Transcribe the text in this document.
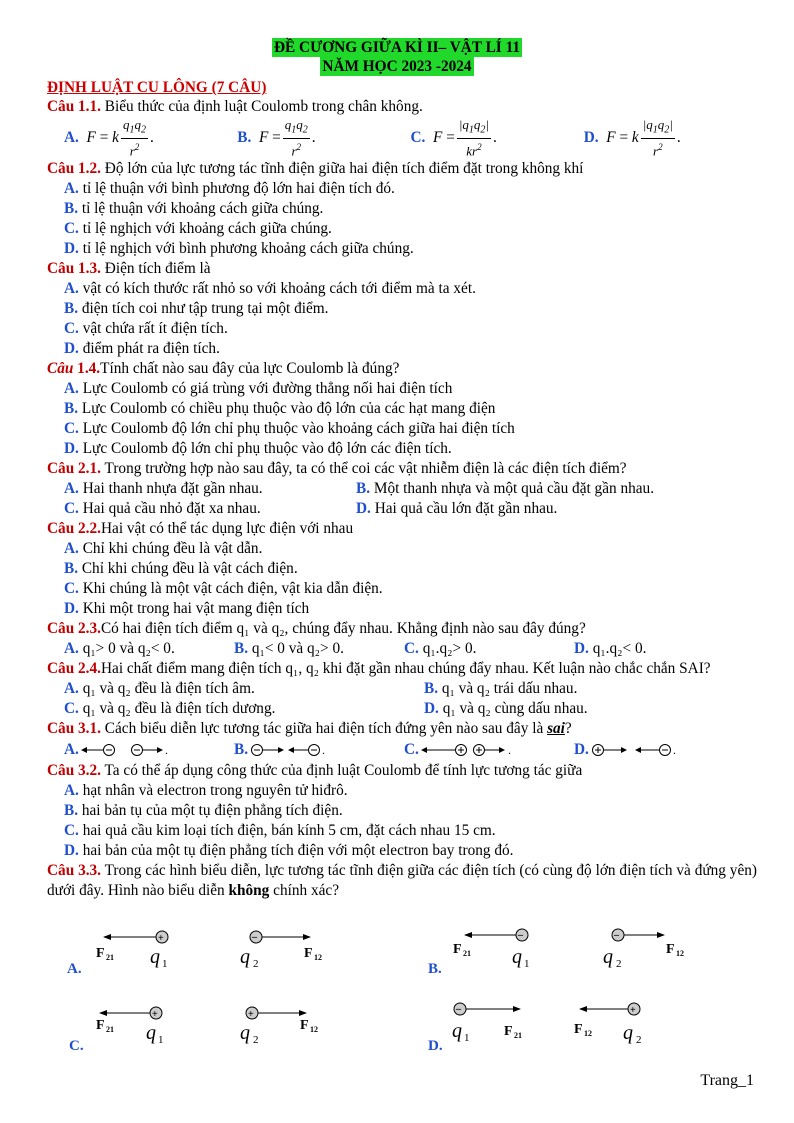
ĐỀ CƯƠNG GIỮA KÌ II– VẬT LÍ 11
NĂM HỌC 2023 -2024
ĐỊNH LUẬT CU LÔNG (7 CÂU)
Câu 1.1. Biểu thức của định luật Coulomb trong chân không.
A.
F = k $\frac{q_1q_2}{r^2}$ .	B.
$F = \frac{q_1q_2}{r^2}$ .	C.
$F = \frac{|q_1q_2|}{kr^2}$ .	D.
F = k $\frac{|q_1q_2|}{r^2}$ .
Câu 1.2. Độ lớn của lực tương tác tĩnh điện giữa hai điện tích điểm đặt trong không khí
A. tỉ lệ thuận với bình phương độ lớn hai điện tích đó.
B. tỉ lệ thuận với khoảng cách giữa chúng.
C. tỉ lệ nghịch với khoảng cách giữa chúng.
D. tỉ lệ nghịch với bình phương khoảng cách giữa chúng.
Câu 1.3. Điện tích điểm là
A. vật có kích thước rất nhỏ so với khoảng cách tới điểm mà ta xét.
B. điện tích coi như tập trung tại một điểm.
C. vật chứa rất ít điện tích.
D. điểm phát ra điện tích.
Câu 1.4.Tính chất nào sau đây của lực Coulomb là đúng?
A. Lực Coulomb có giá trùng với đường thẳng nối hai điện tích
B. Lực Coulomb có chiều phụ thuộc vào độ lớn của các hạt mang điện
C. Lực Coulomb độ lớn chỉ phụ thuộc vào khoảng cách giữa hai điện tích
D. Lực Coulomb độ lớn chỉ phụ thuộc vào độ lớn các điện tích.
Câu 2.1. Trong trường hợp nào sau đây, ta có thể coi các vật nhiễm điện là các điện tích điểm?
A. Hai thanh nhựa đặt gần nhau.	B. Một thanh nhựa và một quả cầu đặt gần nhau.
C. Hai quả cầu nhỏ đặt xa nhau.	D. Hai quả cầu lớn đặt gần nhau.
Câu 2.2.Hai vật có thể tác dụng lực điện với nhau
A. Chỉ khi chúng đều là vật dẫn.
B. Chỉ khi chúng đều là vật cách điện.
C. Khi chúng là một vật cách điện, vật kia dẫn điện.
D. Khi một trong hai vật mang điện tích
Câu 2.3.Có hai điện tích điểm q₁ và q₂, chúng đẩy nhau. Khẳng định nào sau đây đúng?
A. q₁> 0 và q₂< 0.	B. q₁< 0 và q₂> 0.	C. q₁.q₂> 0.	D. q₁.q₂< 0.
Câu 2.4.Hai chất điểm mang điện tích q₁, q₂ khi đặt gần nhau chúng đẩy nhau. Kết luận nào chắc chắn SAI?
A. q₁ và q₂ đều là điện tích âm.	B. q₁ và q₂ trái dấu nhau.
C. q₁ và q₂ đều là điện tích dương.	D. q₁ và q₂ cùng dấu nhau.
Câu 3.1. Cách biểu diễn lực tương tác giữa hai điện tích đứng yên nào sau đây là sai?
A.	.	B.	.	C.	.	D.	.
Câu 3.2. Ta có thể áp dụng công thức của định luật Coulomb để tính lực tương tác giữa
A. hạt nhân và electron trong nguyên tử hiđrô.
B. hai bản tụ của một tụ điện phẳng tích điện.
C. hai quả cầu kim loại tích điện, bán kính 5 cm, đặt cách nhau 15 cm.
D. hai bản của một tụ điện phẳng tích điện với một electron bay trong đó.
Câu 3.3. Trong các hình biểu diễn, lực tương tác tĩnh điện giữa các điện tích (có cùng độ lớn điện tích và đứng yên) dưới đây. Hình nào biểu diễn không chính xác?
A.
+
F 21 q 1
–
q 2
F 12
B.
–
F 21 q 1
–
q 2
F 12
C.
+
F 21 q 1
+
q 2
F 12
D.
–
q 1 F 21
+
F 12 q 2
Trang_1
